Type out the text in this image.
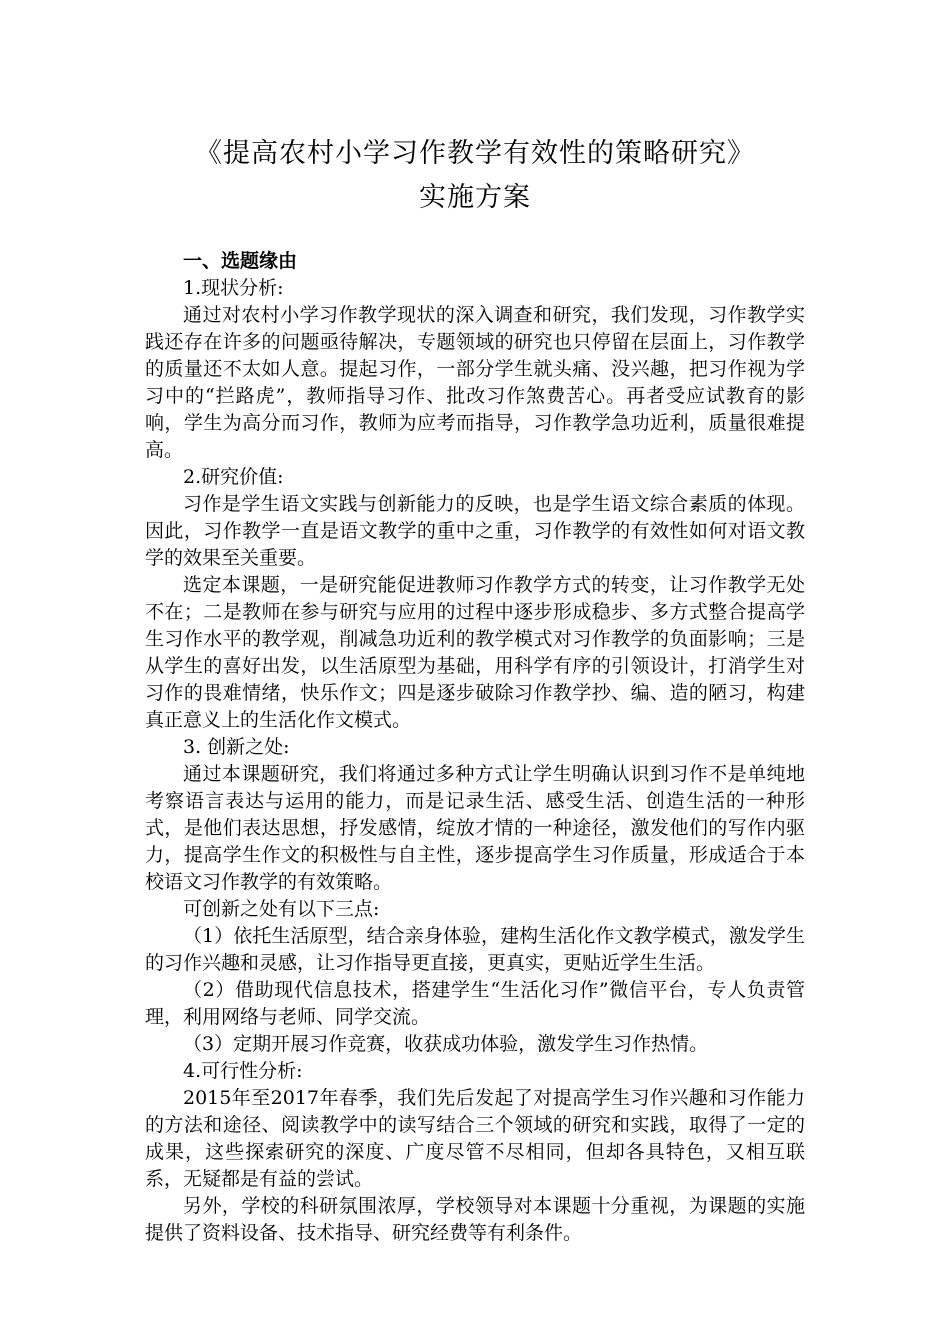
《提高农村小学习作教学有效性的策略研究》
实施方案

一、选题缘由

1.现状分析:

通过对农村小学习作教学现状的深入调查和研究，我们发现，习作教学实践还存在许多的问题亟待解决，专题领域的研究也只停留在层面上，习作教学的质量还不太如人意。提起习作，一部分学生就头痛、没兴趣，把习作视为学习中的“拦路虎”，教师指导习作、批改习作煞费苦心。再者受应试教育的影响，学生为高分而习作，教师为应考而指导，习作教学急功近利，质量很难提高。

2.研究价值:

习作是学生语文实践与创新能力的反映，也是学生语文综合素质的体现。因此，习作教学一直是语文教学的重中之重，习作教学的有效性如何对语文教学的效果至关重要。

选定本课题，一是研究能促进教师习作教学方式的转变，让习作教学无处不在；二是教师在参与研究与应用的过程中逐步形成稳步、多方式整合提高学生习作水平的教学观，削减急功近利的教学模式对习作教学的负面影响；三是从学生的喜好出发，以生活原型为基础，用科学有序的引领设计，打消学生对习作的畏难情绪，快乐作文；四是逐步破除习作教学抄、编、造的陋习，构建真正意义上的生活化作文模式。

3. 创新之处:

通过本课题研究，我们将通过多种方式让学生明确认识到习作不是单纯地考察语言表达与运用的能力，而是记录生活、感受生活、创造生活的一种形式，是他们表达思想，抒发感情，绽放才情的一种途径，激发他们的写作内驱力，提高学生作文的积极性与自主性，逐步提高学生习作质量，形成适合于本校语文习作教学的有效策略。

可创新之处有以下三点:

（1）依托生活原型，结合亲身体验，建构生活化作文教学模式，激发学生的习作兴趣和灵感，让习作指导更直接，更真实，更贴近学生生活。

（2）借助现代信息技术，搭建学生“生活化习作”微信平台，专人负责管理，利用网络与老师、同学交流。

（3）定期开展习作竞赛，收获成功体验，激发学生习作热情。

4.可行性分析:

2015年至2017年春季，我们先后发起了对提高学生习作兴趣和习作能力的方法和途径、阅读教学中的读写结合三个领域的研究和实践，取得了一定的成果，这些探索研究的深度、广度尽管不尽相同，但却各具特色，又相互联系，无疑都是有益的尝试。

另外，学校的科研氛围浓厚，学校领导对本课题十分重视，为课题的实施提供了资料设备、技术指导、研究经费等有利条件。
